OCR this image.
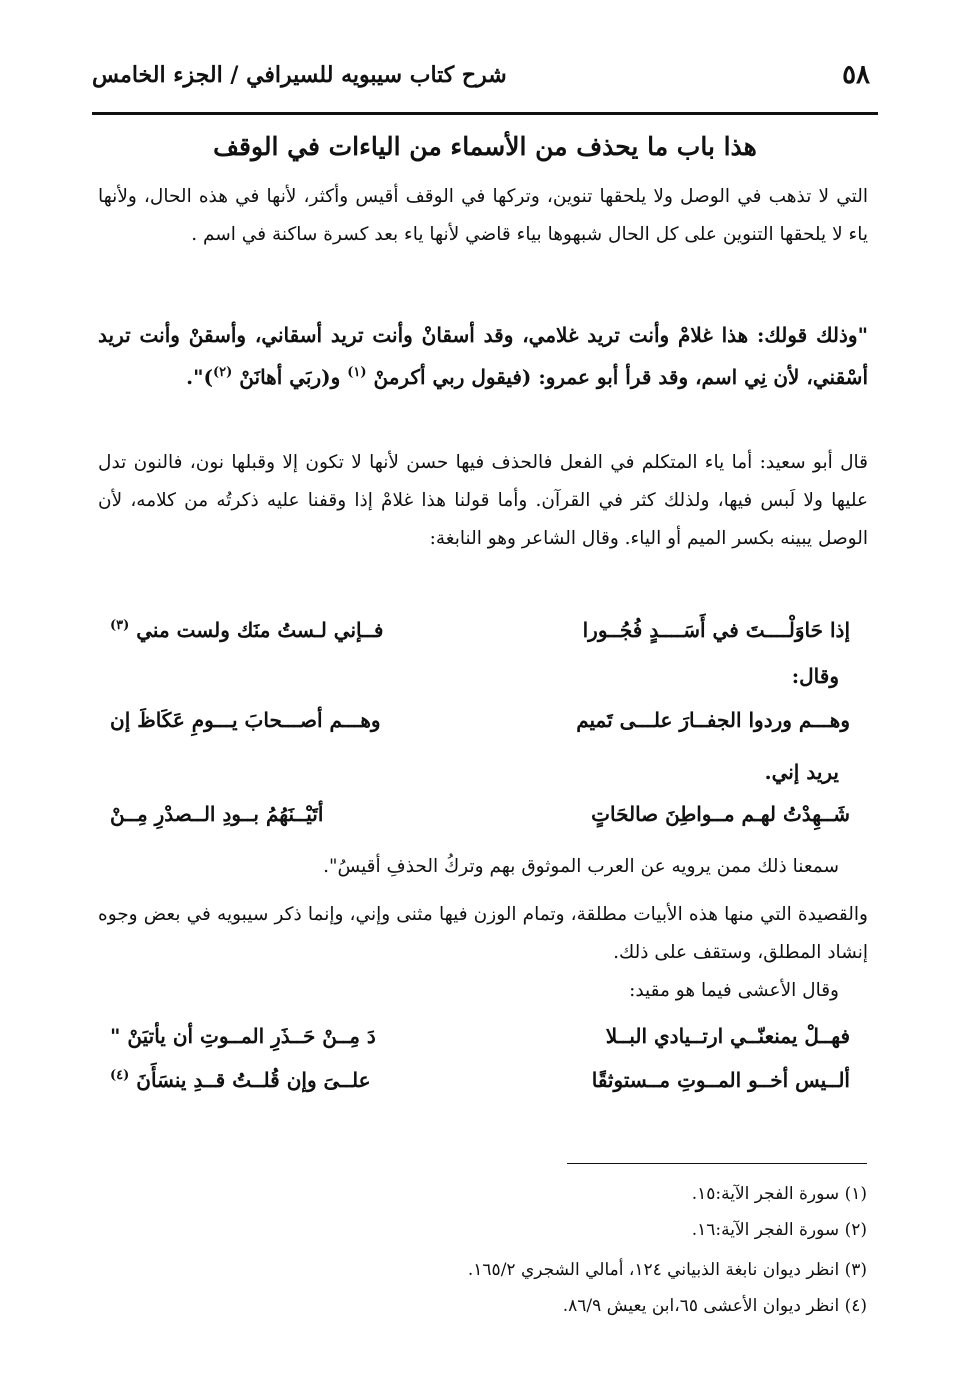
٥٨
شرح كتاب سيبويه للسيرافي / الجزء الخامس
هذا باب ما يحذف من الأسماء من الياءات في الوقف
التي لا تذهب في الوصل ولا يلحقها تنوين، وتركها في الوقف أقيس وأكثر، لأنها في هذه الحال، ولأنها ياء لا يلحقها التنوين على كل الحال شبهوها بياء قاضي لأنها ياء بعد كسرة ساكنة في اسم .
"وذلك قولك: هذا غلامْ وأنت تريد غلامي، وقد أسقانْ وأنت تريد أسقاني، وأسقنْ وأنت تريد أسْقني، لأن نِي اسم، وقد قرأ أبو عمرو: (فيقول ربي أكرمنْ $^{(١)}$ و(ربَي أهانَنْ $^{(٢)}$)".
قال أبو سعيد: أما ياء المتكلم في الفعل فالحذف فيها حسن لأنها لا تكون إلا وقبلها نون، فالنون تدل عليها ولا لَبس فيها، ولذلك كثر في القرآن. وأما قولنا هذا غلامْ إذا وقفنا عليه ذكرتُه من كلامه، لأن الوصل يبينه بكسر الميم أو الياء. وقال الشاعر وهو النابغة:
إذا حَاوَلْــــتَ في أَسَــــدٍ فُجُــورا
فــإني لـستُ منَك ولست مني $^{(٣)}$
وقال:
وهـــم وردوا الجفــارَ علـــى تَميم
وهـــم أصـــحابَ يـــومِ عَكَاظَ إن
يريد إني.
شَــهِدْتُ لهـم مــواطِنَ صالحَاتٍ
أتَيْــنَهُمُ بــودِ الــصدْرِ مِــنْ
سمعنا ذلك ممن يرويه عن العرب الموثوق بهم وتركُ الحذفِ أقيسُ".
والقصيدة التي منها هذه الأبيات مطلقة، وتمام الوزن فيها مثنى وإني، وإنما ذكر سيبويه في بعض وجوه إنشاد المطلق، وستقف على ذلك.
وقال الأعشى فيما هو مقيد:
فهــلْ يمنعنّــي ارتــيادي البــلا
دَ مِــنْ حَــذَرِ المــوتِ أن يأتيَنْ "
ألــيس أخــو المــوتِ مــستوثقًا
علــىَ وإن قُلــتُ قــدِ ينسَأَنَ $^{(٤)}$
(١) سورة الفجر الآية:١٥.
(٢) سورة الفجر الآية:١٦.
(٣) انظر ديوان نابغة الذبياني ١٢٤، أمالي الشجري ١٦٥/٢.
(٤) انظر ديوان الأعشى ٦٥،ابن يعيش ٨٦/٩.
